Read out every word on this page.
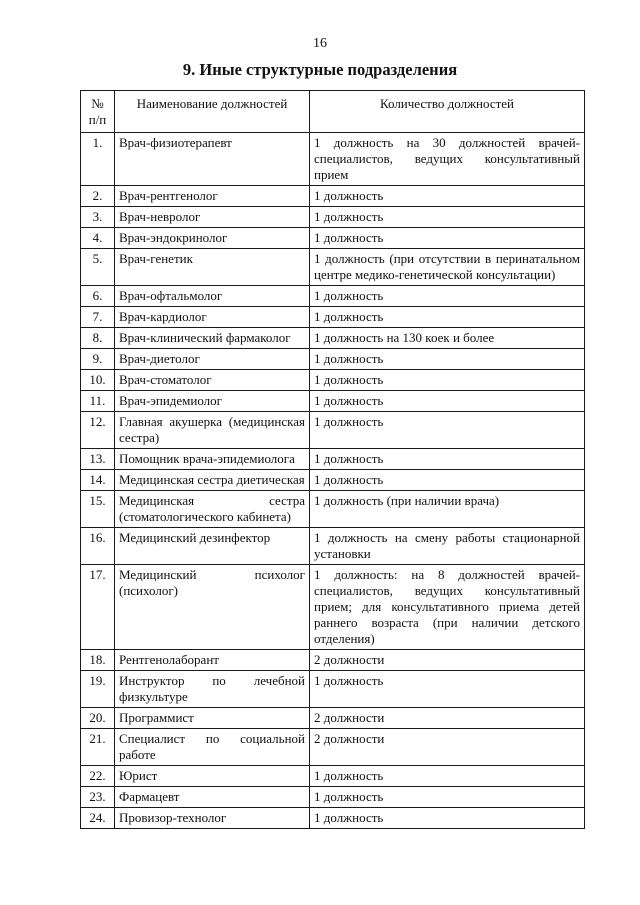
16
9. Иные структурные подразделения
№ п/п	Наименование должностей	Количество должностей
1.	Врач-физиотерапевт	1 должность на 30 должностей врачей-специалистов, ведущих консультативный прием
2.	Врач-рентгенолог	1 должность
3.	Врач-невролог	1 должность
4.	Врач-эндокринолог	1 должность
5.	Врач-генетик	1 должность (при отсутствии в перинатальном центре медико-генетической консультации)
6.	Врач-офтальмолог	1 должность
7.	Врач-кардиолог	1 должность
8.	Врач-клинический фармаколог	1 должность на 130 коек и более
9.	Врач-диетолог	1 должность
10.	Врач-стоматолог	1 должность
11.	Врач-эпидемиолог	1 должность
12.	Главная акушерка (медицинская сестра)	1 должность
13.	Помощник врача-эпидемиолога	1 должность
14.	Медицинская сестра диетическая	1 должность
15.	Медицинская сестра (стоматологического кабинета)	1 должность (при наличии врача)
16.	Медицинский дезинфектор	1 должность на смену работы стационарной установки
17.	Медицинский психолог (психолог)	1 должность: на 8 должностей врачей-специалистов, ведущих консультативный прием; для консультативного приема детей раннего возраста (при наличии детского отделения)
18.	Рентгенолаборант	2 должности
19.	Инструктор по лечебной физкультуре	1 должность
20.	Программист	2 должности
21.	Специалист по социальной работе	2 должности
22.	Юрист	1 должность
23.	Фармацевт	1 должность
24.	Провизор-технолог	1 должность
